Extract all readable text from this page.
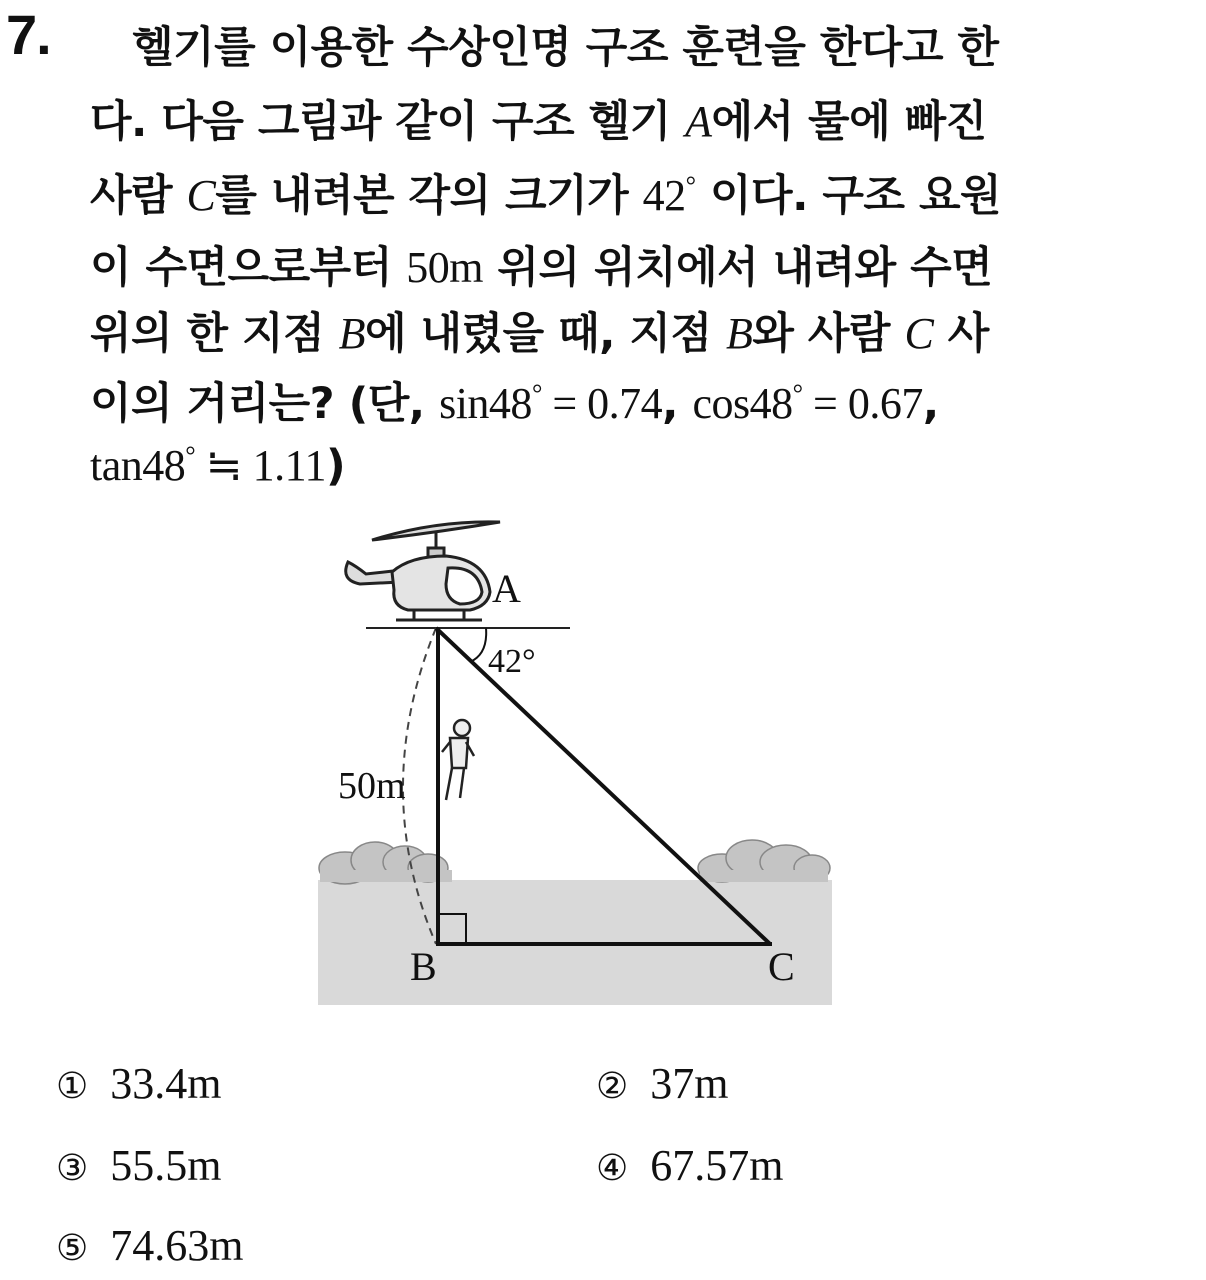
7. 헬기를 이용한 수상인명 구조 훈련을 한다고 한
다. 다음 그림과 같이 구조 헬기 A에서 물에 빠진
사람 C를 내려본 각의 크기가 42° 이다. 구조 요원
이 수면으로부터 50m 위의 위치에서 내려와 수면
위의 한 지점 B에 내렸을 때, 지점 B와 사람 C 사
이의 거리는? (단, sin48° = 0.74, cos48° = 0.67,
tan48° ≒ 1.11)
A
42°
50m
B	C
① 33.4m	② 37m
③ 55.5m	④ 67.57m
⑤ 74.63m
